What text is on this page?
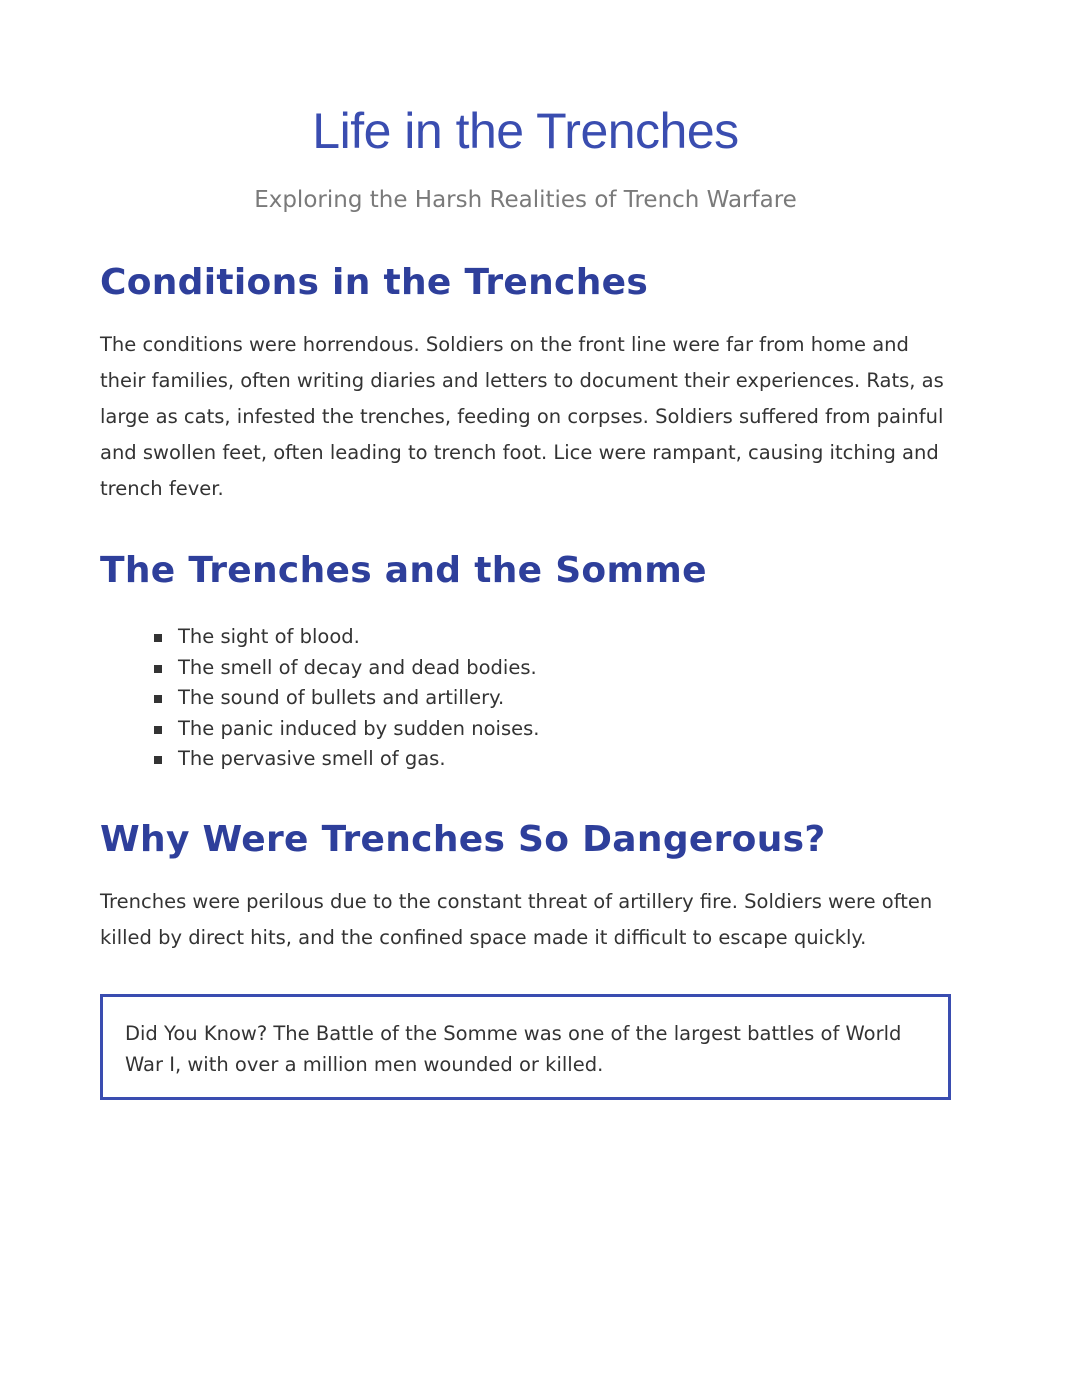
Life in the Trenches
Exploring the Harsh Realities of Trench Warfare
Conditions in the Trenches

The conditions were horrendous. Soldiers on the front line were far from home and their families, often writing diaries and letters to document their experiences. Rats, as large as cats, infested the trenches, feeding on corpses. Soldiers suffered from painful and swollen feet, often leading to trench foot. Lice were rampant, causing itching and trench fever.

The Trenches and the Somme
The sight of blood.
The smell of decay and dead bodies.
The sound of bullets and artillery.
The panic induced by sudden noises.
The pervasive smell of gas.
Why Were Trenches So Dangerous?

Trenches were perilous due to the constant threat of artillery fire. Soldiers were often killed by direct hits, and the confined space made it difficult to escape quickly.

Did You Know? The Battle of the Somme was one of the largest battles of World War I, with over a million men wounded or killed.
